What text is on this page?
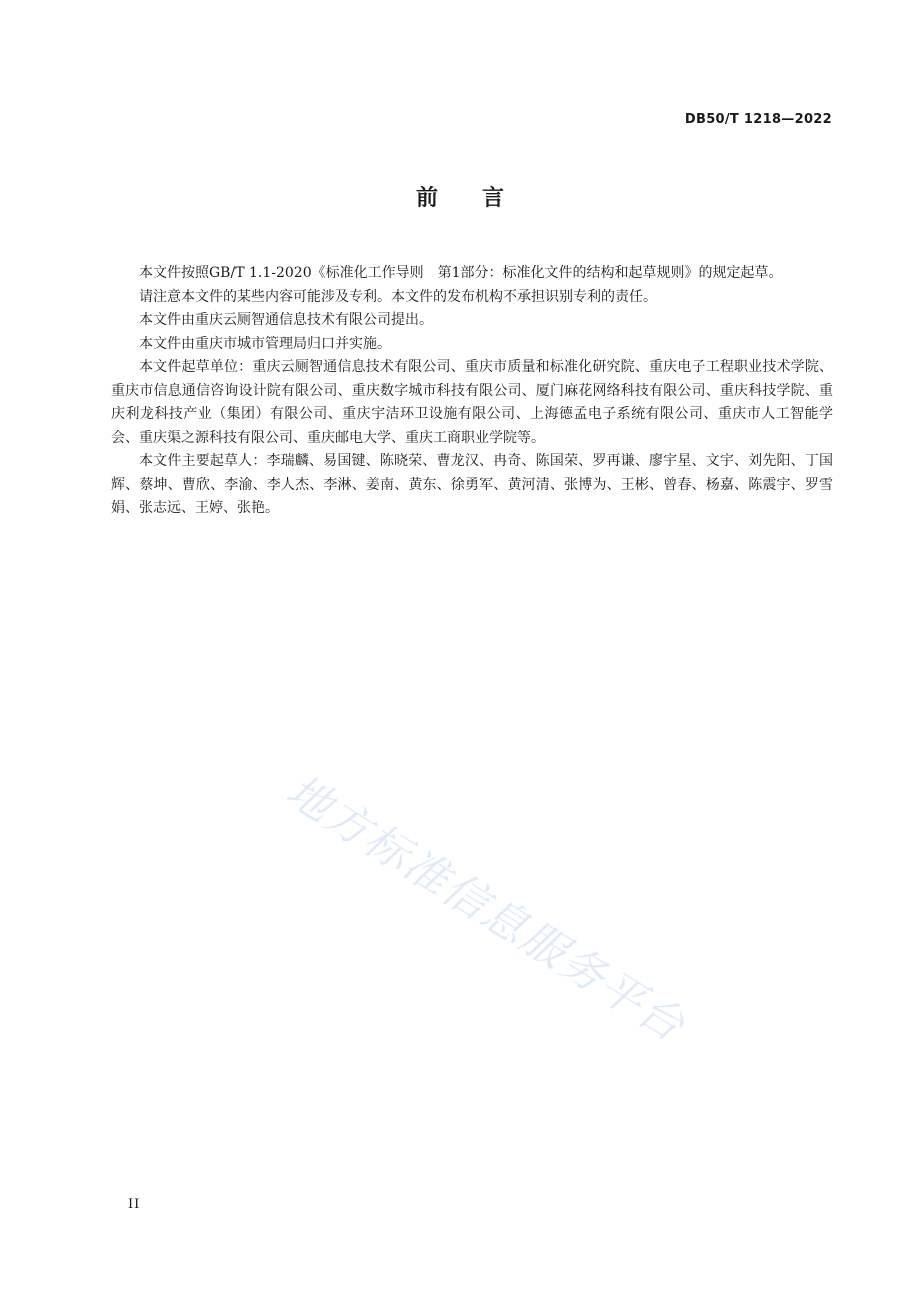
DB50/T 1218—2022
前 言

本文件按照GB/T 1.1-2020《标准化工作导则　第1部分：标准化文件的结构和起草规则》的规定起草。

请注意本文件的某些内容可能涉及专利。本文件的发布机构不承担识别专利的责任。

本文件由重庆云厕智通信息技术有限公司提出。

本文件由重庆市城市管理局归口并实施。

本文件起草单位：重庆云厕智通信息技术有限公司、重庆市质量和标准化研究院、重庆电子工程职业技术学院、重庆市信息通信咨询设计院有限公司、重庆数字城市科技有限公司、厦门麻花网络科技有限公司、重庆科技学院、重庆利龙科技产业（集团）有限公司、重庆宇洁环卫设施有限公司、上海德孟电子系统有限公司、重庆市人工智能学会、重庆渠之源科技有限公司、重庆邮电大学、重庆工商职业学院等。

本文件主要起草人：李瑞麟、易国键、陈晓荣、曹龙汉、冉奇、陈国荣、罗再谦、廖宇星、文宇、刘先阳、丁国辉、蔡坤、曹欣、李渝、李人杰、李淋、姜南、黄东、徐勇军、黄河清、张博为、王彬、曾春、杨嘉、陈震宇、罗雪娟、张志远、王婷、张艳。

地方标准信息服务平台
II
